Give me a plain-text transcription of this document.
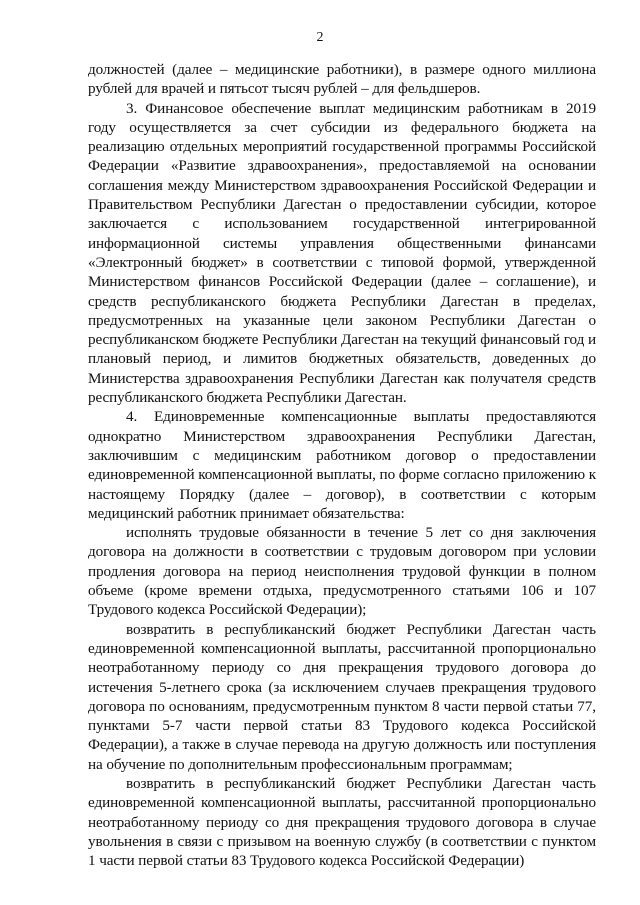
2

должностей (далее – медицинские работники), в размере одного миллиона рублей для врачей и пятьсот тысяч рублей – для фельдшеров.

3. Финансовое обеспечение выплат медицинским работникам в 2019 году осуществляется за счет субсидии из федерального бюджета на реализацию отдельных мероприятий государственной программы Российской Федерации «Развитие здравоохранения», предоставляемой на основании соглашения между Министерством здравоохранения Российской Федерации и Правительством Республики Дагестан о предоставлении субсидии, которое заключается с использованием государственной интегрированной информационной системы управления общественными финансами «Электронный бюджет» в соответствии с типовой формой, утвержденной Министерством финансов Российской Федерации (далее – соглашение), и средств республиканского бюджета Республики Дагестан в пределах, предусмотренных на указанные цели законом Республики Дагестан о республиканском бюджете Республики Дагестан на текущий финансовый год и плановый период, и лимитов бюджетных обязательств, доведенных до Министерства здравоохранения Республики Дагестан как получателя средств республиканского бюджета Республики Дагестан.

4. Единовременные компенсационные выплаты предоставляются однократно Министерством здравоохранения Республики Дагестан, заключившим с медицинским работником договор о предоставлении единовременной компенсационной выплаты, по форме согласно приложению к настоящему Порядку (далее – договор), в соответствии с которым медицинский работник принимает обязательства:

исполнять трудовые обязанности в течение 5 лет со дня заключения договора на должности в соответствии с трудовым договором при условии продления договора на период неисполнения трудовой функции в полном объеме (кроме времени отдыха, предусмотренного статьями 106 и 107 Трудового кодекса Российской Федерации);

возвратить в республиканский бюджет Республики Дагестан часть единовременной компенсационной выплаты, рассчитанной пропорционально неотработанному периоду со дня прекращения трудового договора до истечения 5-летнего срока (за исключением случаев прекращения трудового договора по основаниям, предусмотренным пунктом 8 части первой статьи 77, пунктами 5-7 части первой статьи 83 Трудового кодекса Российской Федерации), а также в случае перевода на другую должность или поступления на обучение по дополнительным профессиональным программам;

возвратить в республиканский бюджет Республики Дагестан часть единовременной компенсационной выплаты, рассчитанной пропорционально неотработанному периоду со дня прекращения трудового договора в случае увольнения в связи с призывом на военную службу (в соответствии с пунктом 1 части первой статьи 83 Трудового кодекса Российской Федерации)
